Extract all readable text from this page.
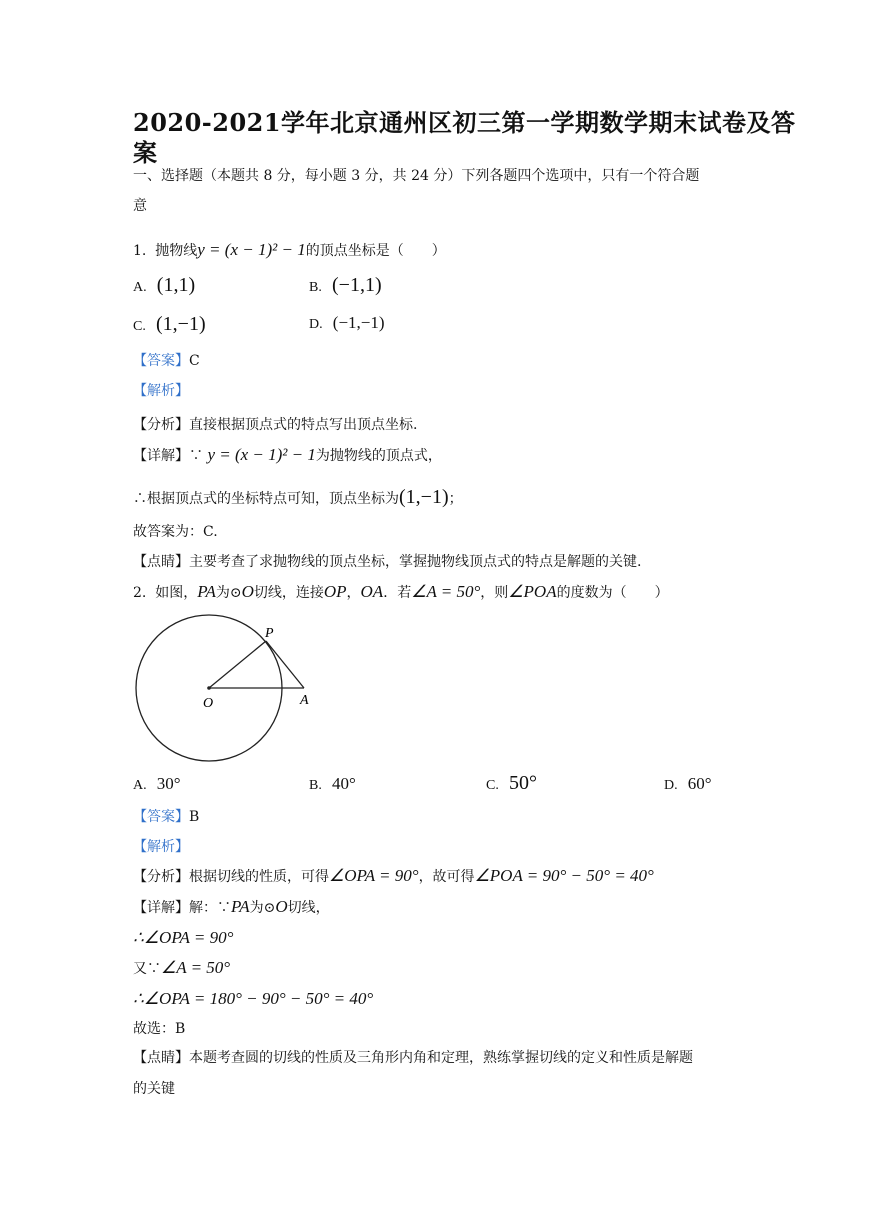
2020-2021学年北京通州区初三第一学期数学期末试卷及答
案
一、选择题（本题共 8 分，每小题 3 分，共 24 分）下列各题四个选项中，只有一个符合题
意
1. 抛物线y = (x − 1)² − 1的顶点坐标是（　　）
A. (1,1)	B. (−1,1)
C. (1,−1)	D. (−1,−1)
【答案】C
【解析】
【分析】直接根据顶点式的特点写出顶点坐标.
【详解】∵ y = (x − 1)² − 1为抛物线的顶点式，
∴根据顶点式的坐标特点可知，顶点坐标为(1,−1)；
故答案为：C.
【点睛】主要考查了求抛物线的顶点坐标，掌握抛物线顶点式的特点是解题的关键.
2. 如图，PA为⊙O切线，连接OP，OA．若∠A = 50°，则∠POA的度数为（　　）
P
O	A
A. 30°	B. 40°	C. 50°	D. 60°
【答案】B
【解析】
【分析】根据切线的性质，可得∠OPA = 90°，故可得∠POA = 90° − 50° = 40°
【详解】解：∵PA为⊙O切线，
∴∠OPA = 90°
又∵∠A = 50°
∴∠OPA = 180° − 90° − 50° = 40°
故选：B
【点睛】本题考查圆的切线的性质及三角形内角和定理，熟练掌握切线的定义和性质是解题
的关键
